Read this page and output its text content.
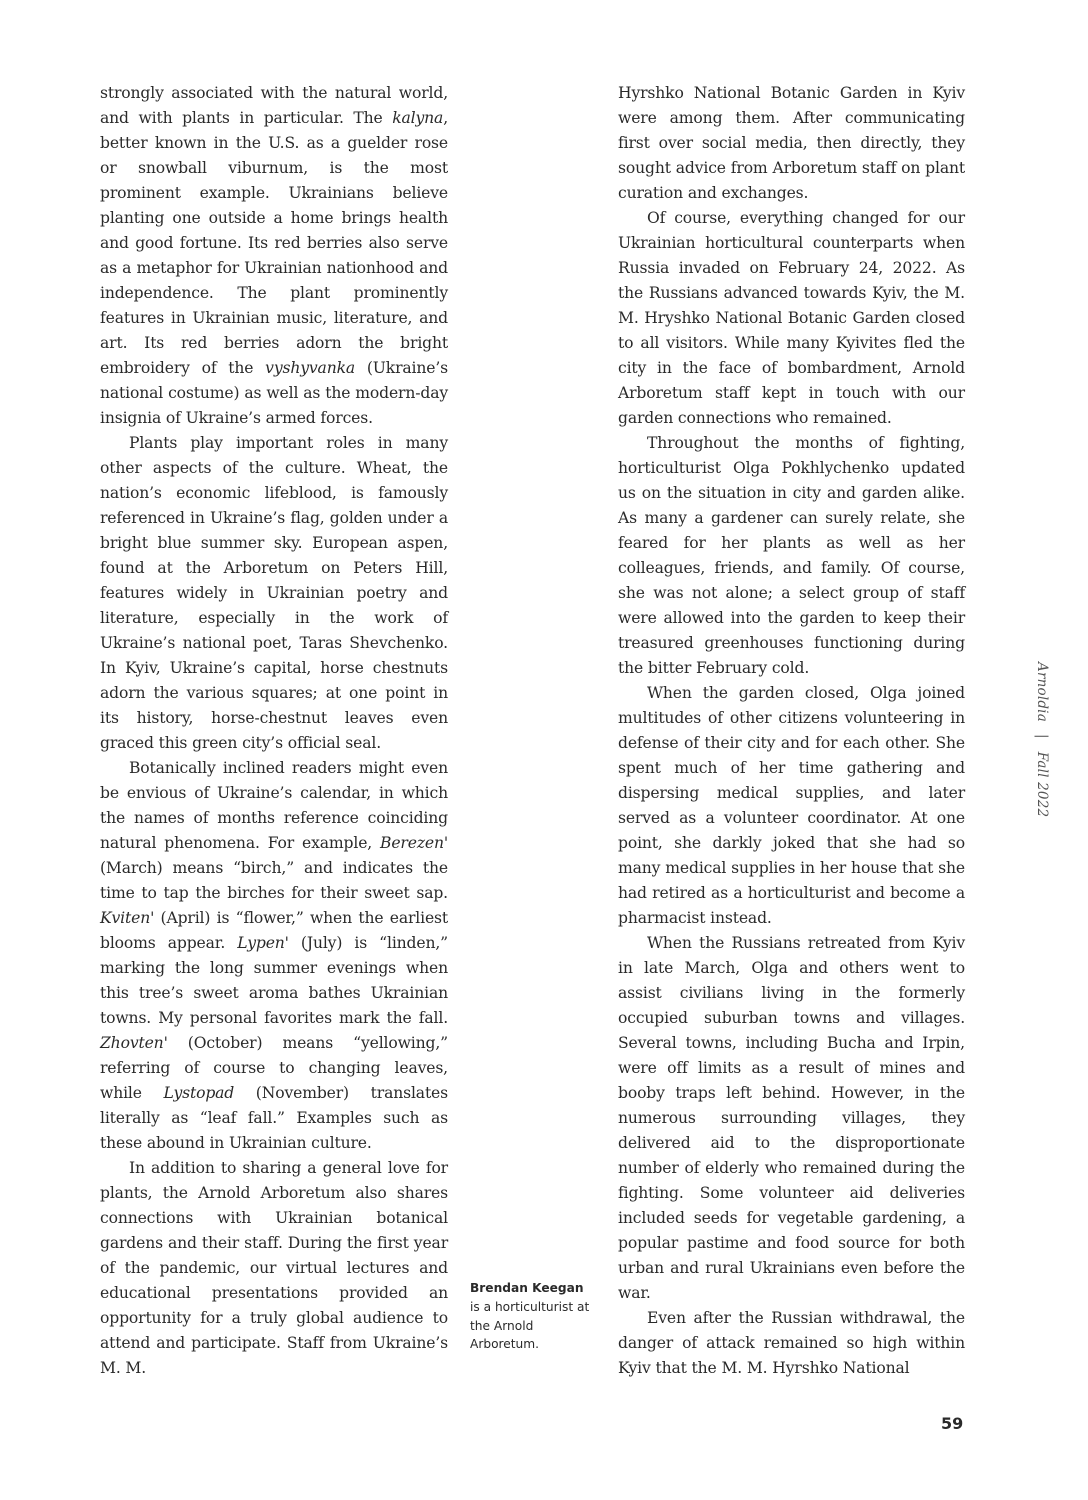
strongly associated with the natural world, and with plants in particular. The kalyna, better known in the U.S. as a guelder rose or snowball viburnum, is the most prominent example. Ukrainians believe planting one outside a home brings health and good fortune. Its red berries also serve as a metaphor for Ukrainian nationhood and independence. The plant prominently features in Ukrainian music, literature, and art. Its red berries adorn the bright embroidery of the vyshyvanka (Ukraine’s national costume) as well as the modern-day insignia of Ukraine’s armed forces.

Plants play important roles in many other aspects of the culture. Wheat, the nation’s economic lifeblood, is famously referenced in Ukraine’s flag, golden under a bright blue summer sky. European aspen, found at the Arboretum on Peters Hill, features widely in Ukrainian poetry and literature, especially in the work of Ukraine’s national poet, Taras Shevchenko. In Kyiv, Ukraine’s capital, horse chestnuts adorn the various squares; at one point in its history, horse-chestnut leaves even graced this green city’s official seal.

Botanically inclined readers might even be envious of Ukraine’s calendar, in which the names of months reference coinciding natural phenomena. For example, Berezen' (March) means “birch,” and indicates the time to tap the birches for their sweet sap. Kviten' (April) is “flower,” when the earliest blooms appear. Lypen' (July) is “linden,” marking the long summer evenings when this tree’s sweet aroma bathes Ukrainian towns. My personal favorites mark the fall. Zhovten' (October) means “yellowing,” referring of course to changing leaves, while Lystopad (November) translates literally as “leaf fall.” Examples such as these abound in Ukrainian culture.

In addition to sharing a general love for plants, the Arnold Arboretum also shares connections with Ukrainian botanical gardens and their staff. During the first year of the pandemic, our virtual lectures and educational presentations provided an opportunity for a truly global audience to attend and participate. Staff from Ukraine’s M. M.

Brendan Keegan
is a horticulturist at the Arnold Arboretum.

Hyrshko National Botanic Garden in Kyiv were among them. After communicating first over social media, then directly, they sought advice from Arboretum staff on plant curation and exchanges.

Of course, everything changed for our Ukrainian horticultural counterparts when Russia invaded on February 24, 2022. As the Russians advanced towards Kyiv, the M. M. Hryshko National Botanic Garden closed to all visitors. While many Kyivites fled the city in the face of bombardment, Arnold Arboretum staff kept in touch with our garden connections who remained.

Throughout the months of fighting, horticulturist Olga Pokhlychenko updated us on the situation in city and garden alike. As many a gardener can surely relate, she feared for her plants as well as her colleagues, friends, and family. Of course, she was not alone; a select group of staff were allowed into the garden to keep their treasured greenhouses functioning during the bitter February cold.

When the garden closed, Olga joined multitudes of other citizens volunteering in defense of their city and for each other. She spent much of her time gathering and dispersing medical supplies, and later served as a volunteer coordinator. At one point, she darkly joked that she had so many medical supplies in her house that she had retired as a horticulturist and become a pharmacist instead.

When the Russians retreated from Kyiv in late March, Olga and others went to assist civilians living in the formerly occupied suburban towns and villages. Several towns, including Bucha and Irpin, were off limits as a result of mines and booby traps left behind. However, in the numerous surrounding villages, they delivered aid to the disproportionate number of elderly who remained during the fighting. Some volunteer aid deliveries included seeds for vegetable gardening, a popular pastime and food source for both urban and rural Ukrainians even before the war.

Even after the Russian withdrawal, the danger of attack remained so high within Kyiv that the M. M. Hyrshko National

Arnoldia | Fall 2022
59
